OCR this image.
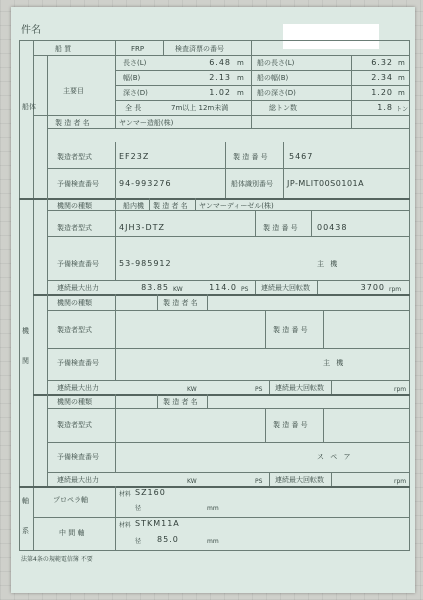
件名
船体
船 質	FRP	検査済票の番号
主要目
長さ(L)	6.48 m 船の長さ(L)	6.32 m
幅(B)	2.13 m 船の幅(B)	2.34 m
深さ(D)	1.02 m 船の深さ(D)	1.20 m
全 長	7m以上 12m未満	総トン数	1.8 トン
製 造 者 名	ヤンマー造船(株)
製造者型式	EF23Z	製 造 番 号	5467
予備検査番号	94-993276	船体識別番号 JP-MLIT00S0101A
機
関
機関の種類	船内機 製 造 者 名 ヤンマーディーゼル(株)
製造者型式	4JH3-DTZ	製 造 番 号 00438
予備検査番号	53-985912	主 機
連続最大出力	83.85 KW	114.0 PS 連続最大回転数	3700 rpm
機関の種類	製 造 者 名
製造者型式	製 造 番 号
予備検査番号	主 機
連続最大出力	KW	PS 連続最大回転数	rpm
機関の種類	製 造 者 名
製造者型式	製 造 番 号
予備検査番号	ス ペ ア
連続最大出力	KW	PS 連続最大回転数	rpm
軸
系
プロペラ軸
材料 SZ160
径	mm
中 間 軸
材料 STKM11A
径 85.0	mm
法第4条の規範電信簿 不要
